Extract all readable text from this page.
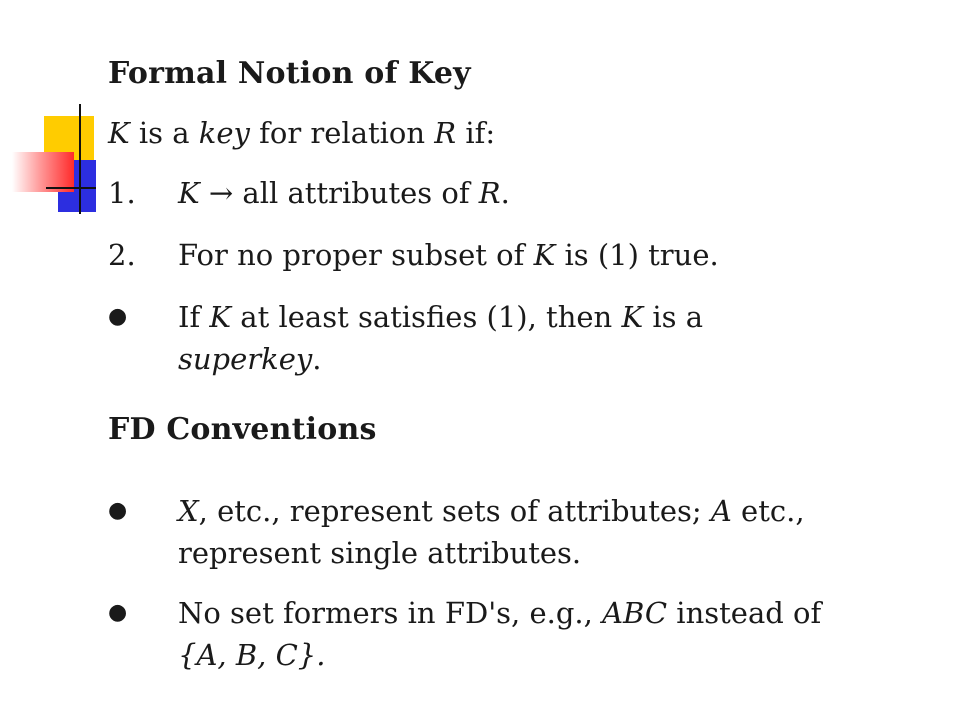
Formal Notion of Key

K is a key for relation R if:

1.	K → all attributes of R.
2.	For no proper subset of K is (1) true.
●	If K at least satisfies (1), then K is a
superkey.
FD Conventions
●	X, etc., represent sets of attributes; A etc.,
represent single attributes.
●	No set formers in FD's, e.g., ABC instead of
{A, B, C}.
